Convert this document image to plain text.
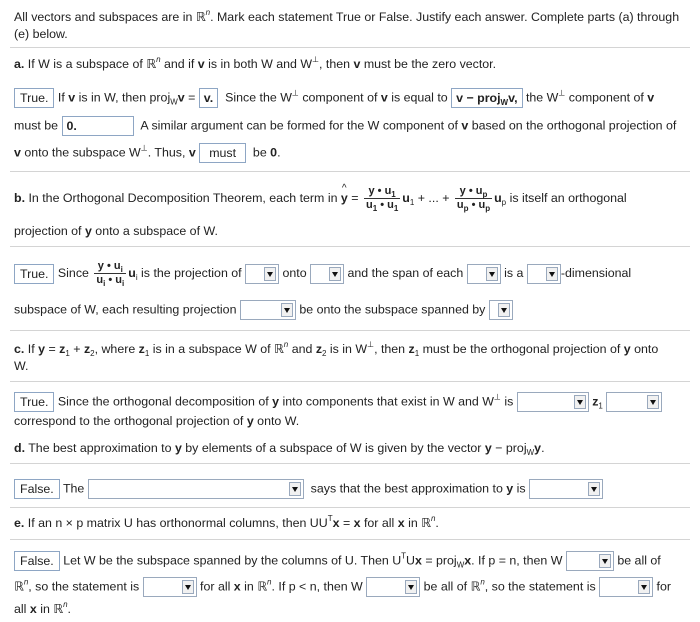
All vectors and subspaces are in ℝ$^n$. Mark each statement True or False. Justify each answer. Complete parts (a) through
(e) below.
a. If W is a subspace of ℝ$^n$ and if v is in both W and W⊥, then v must be the zero vector.
True. If v is in W, then proj$_W$v = v.  Since the W⊥ component of v is equal to v − proj$_W$v, the W⊥ component of v
must be 0.	A similar argument can be formed for the W component of v based on the orthogonal projection of
v onto the subspace W⊥. Thus, v must  be 0.
b. In the Orthogonal Decomposition Theorem, each term in ^ $y = \frac{y • u_1}{u_1 • u_1} u_1$ + ... + $\frac{y • u_p}{u_p • u_p} u_p$ is itself an orthogonal
projection of y onto a subspace of W.
True. Since $\frac{y • u_i}{u_i • u_i} u_i$ is the projection of	onto	and the span of each	is a	-dimensional
subspace of W, each resulting projection	be onto the subspace spanned by
c. If $y = z_1 + z_2$, where $z_1$ is in a subspace W of ℝ$^n$ and $z_2$ is in W⊥, then $z_1$ must be the orthogonal projection of y onto
W.
True. Since the orthogonal decomposition of y into components that exist in W and W⊥ is	$z_1$
correspond to the orthogonal projection of y onto W.
d. The best approximation to y by elements of a subspace of W is given by the vector y − proj$_W$y.
False. The	says that the best approximation to y is
e. If an n × p matrix U has orthonormal columns, then $UU^Tx = x$ for all x in ℝ$^n$.
False. Let W be the subspace spanned by the columns of U. Then $U^TUx$ = proj$_W$x. If p = n, then W	be all of
ℝ$^n$, so the statement is	for all x in ℝ$^n$. If p < n, then W	be all of ℝ$^n$, so the statement is	for
all x in ℝ$^n$.
